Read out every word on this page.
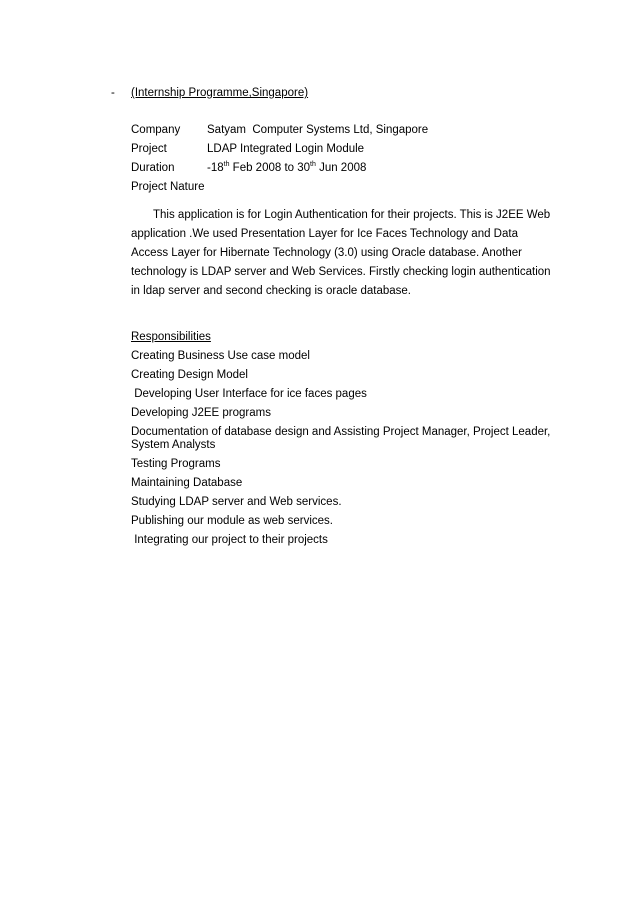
- (Internship Programme,Singapore)
Company	Satyam  Computer Systems Ltd, Singapore
Project	LDAP Integrated Login Module
Duration	-18th Feb 2008 to 30th Jun 2008
Project Nature

This application is for Login Authentication for their projects. This is J2EE Web application .We used Presentation Layer for Ice Faces Technology and Data Access Layer for Hibernate Technology (3.0) using Oracle database. Another technology is LDAP server and Web Services. Firstly checking login authentication in ldap server and second checking is oracle database.

Responsibilities
Creating Business Use case model
Creating Design Model
Developing User Interface for ice faces pages
Developing J2EE programs
Documentation of database design and Assisting Project Manager, Project Leader, System Analysts
Testing Programs
Maintaining Database
Studying LDAP server and Web services.
Publishing our module as web services.
Integrating our project to their projects
